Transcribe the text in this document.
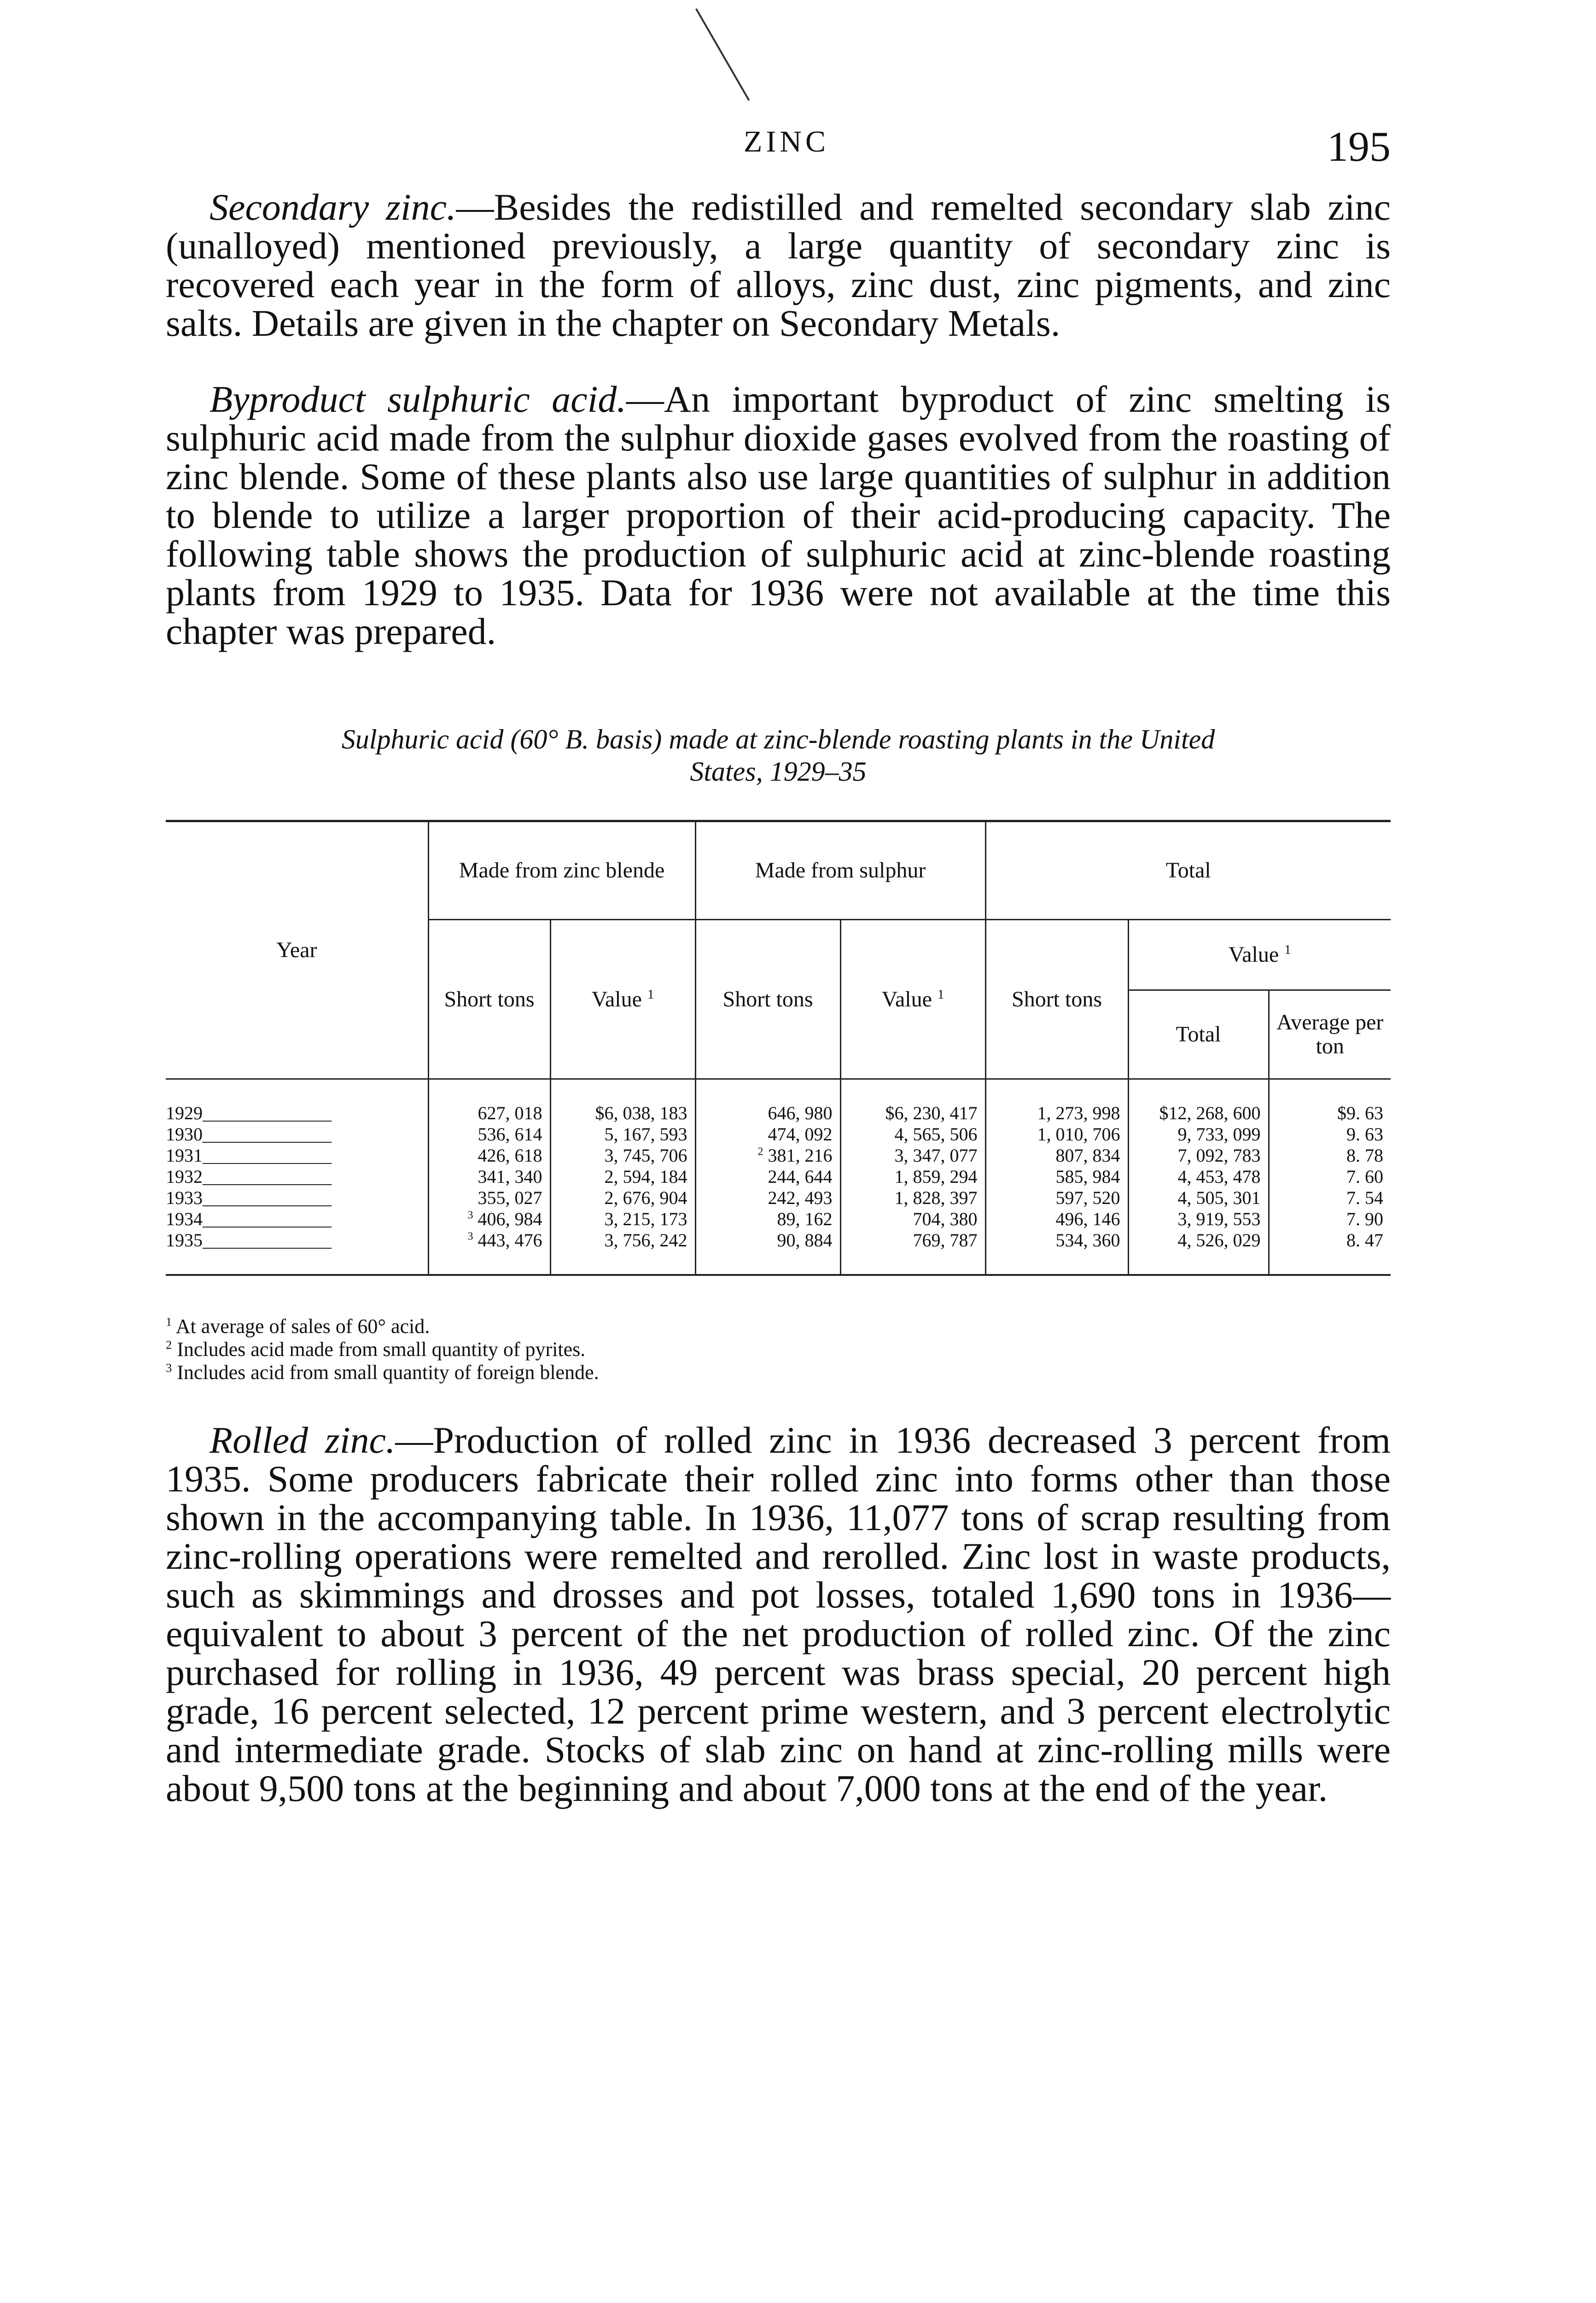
ZINC	195

Secondary zinc.—Besides the redistilled and remelted secondary slab zinc (unalloyed) mentioned previously, a large quantity of secondary zinc is recovered each year in the form of alloys, zinc dust, zinc pigments, and zinc salts. Details are given in the chapter on Secondary Metals.

Byproduct sulphuric acid.—An important byproduct of zinc smelting is sulphuric acid made from the sulphur dioxide gases evolved from the roasting of zinc blende. Some of these plants also use large quantities of sulphur in addition to blende to utilize a larger proportion of their acid-producing capacity. The following table shows the production of sulphuric acid at zinc-blende roasting plants from 1929 to 1935. Data for 1936 were not available at the time this chapter was prepared.

Sulphuric acid (60° B. basis) made at zinc-blende roasting plants in the United
States, 1929–35
Year	Made from zinc blende		Made from sulphur		Total		
	Short tons	Value $^1$	Short tons	Value $^1$	Short tons	Value $^1$
						Total	Average per ton
1929______________	627, 018	$6, 038, 183	646, 980	$6, 230, 417	1, 273, 998	$12, 268, 600	$9. 63
1930______________	536, 614	5, 167, 593	474, 092	4, 565, 506	1, 010, 706	9, 733, 099	9. 63
1931______________	426, 618	3, 745, 706	$^2$ 381, 216	3, 347, 077	807, 834	7, 092, 783	8. 78
1932______________	341, 340	2, 594, 184	244, 644	1, 859, 294	585, 984	4, 453, 478	7. 60
1933______________	355, 027	2, 676, 904	242, 493	1, 828, 397	597, 520	4, 505, 301	7. 54
1934______________	$^3$ 406, 984	3, 215, 173	89, 162	704, 380	496, 146	3, 919, 553	7. 90
1935______________	$^3$ 443, 476	3, 756, 242	90, 884	769, 787	534, 360	4, 526, 029	8. 47
$^1$ At average of sales of 60° acid.
$^2$ Includes acid made from small quantity of pyrites.
$^3$ Includes acid from small quantity of foreign blende.

Rolled zinc.—Production of rolled zinc in 1936 decreased 3 percent from 1935. Some producers fabricate their rolled zinc into forms other than those shown in the accompanying table. In 1936, 11,077 tons of scrap resulting from zinc-rolling operations were remelted and rerolled. Zinc lost in waste products, such as skimmings and drosses and pot losses, totaled 1,690 tons in 1936—equivalent to about 3 percent of the net production of rolled zinc. Of the zinc purchased for rolling in 1936, 49 percent was brass special, 20 percent high grade, 16 percent selected, 12 percent prime western, and 3 percent electrolytic and intermediate grade. Stocks of slab zinc on hand at zinc-rolling mills were about 9,500 tons at the beginning and about 7,000 tons at the end of the year.
